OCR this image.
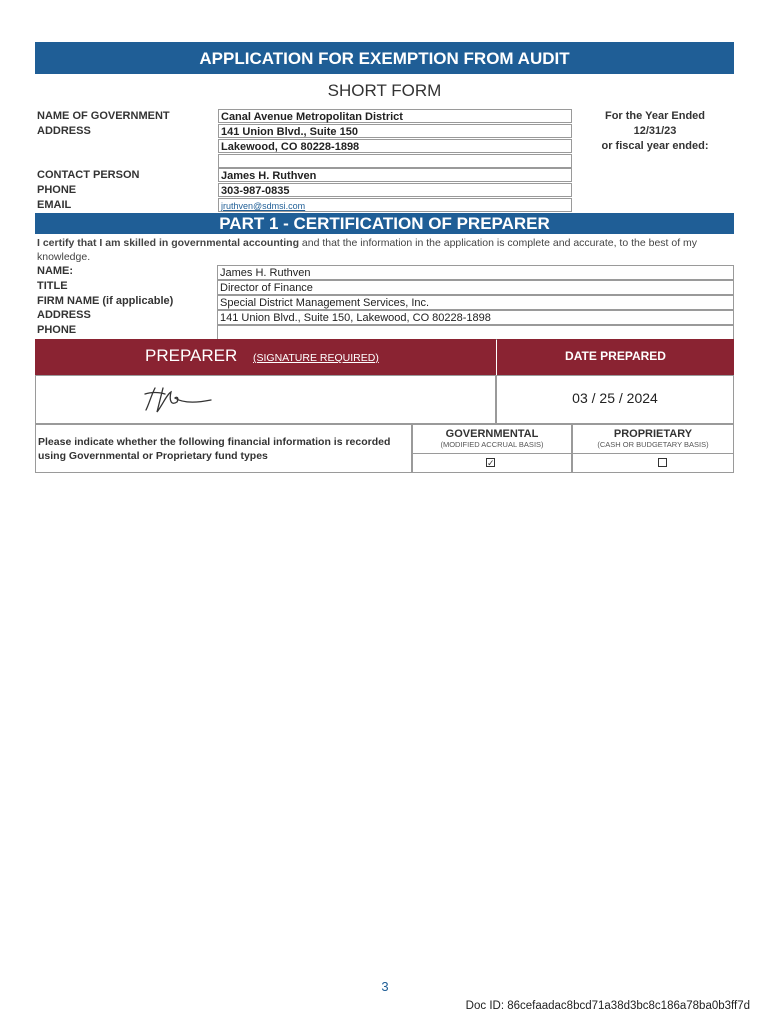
APPLICATION FOR EXEMPTION FROM AUDIT
SHORT FORM
NAME OF GOVERNMENT
ADDRESS
CONTACT PERSON
PHONE
EMAIL
Canal Avenue Metropolitan District
141 Union Blvd., Suite 150
Lakewood, CO 80228-1898
James H. Ruthven
303-987-0835
jruthven@sdmsi.com
For the Year Ended
12/31/23
or fiscal year ended:
PART 1 - CERTIFICATION OF PREPARER
I certify that I am skilled in governmental accounting and that the information in the application is complete and accurate, to the best of my knowledge.
NAME:
TITLE
FIRM NAME (if applicable)
ADDRESS
PHONE
James H. Ruthven
Director of Finance
Special District Management Services, Inc.
141 Union Blvd., Suite 150, Lakewood, CO 80228-1898
PREPARER (SIGNATURE REQUIRED)	DATE PREPARED
03 / 25 / 2024
Please indicate whether the following financial information is recorded using Governmental or Proprietary fund types
GOVERNMENTAL
(MODIFIED ACCRUAL BASIS)
PROPRIETARY
(CASH OR BUDGETARY BASIS)
✓
3
Doc ID: 86cefaadac8bcd71a38d3bc8c186a78ba0b3ff7d
